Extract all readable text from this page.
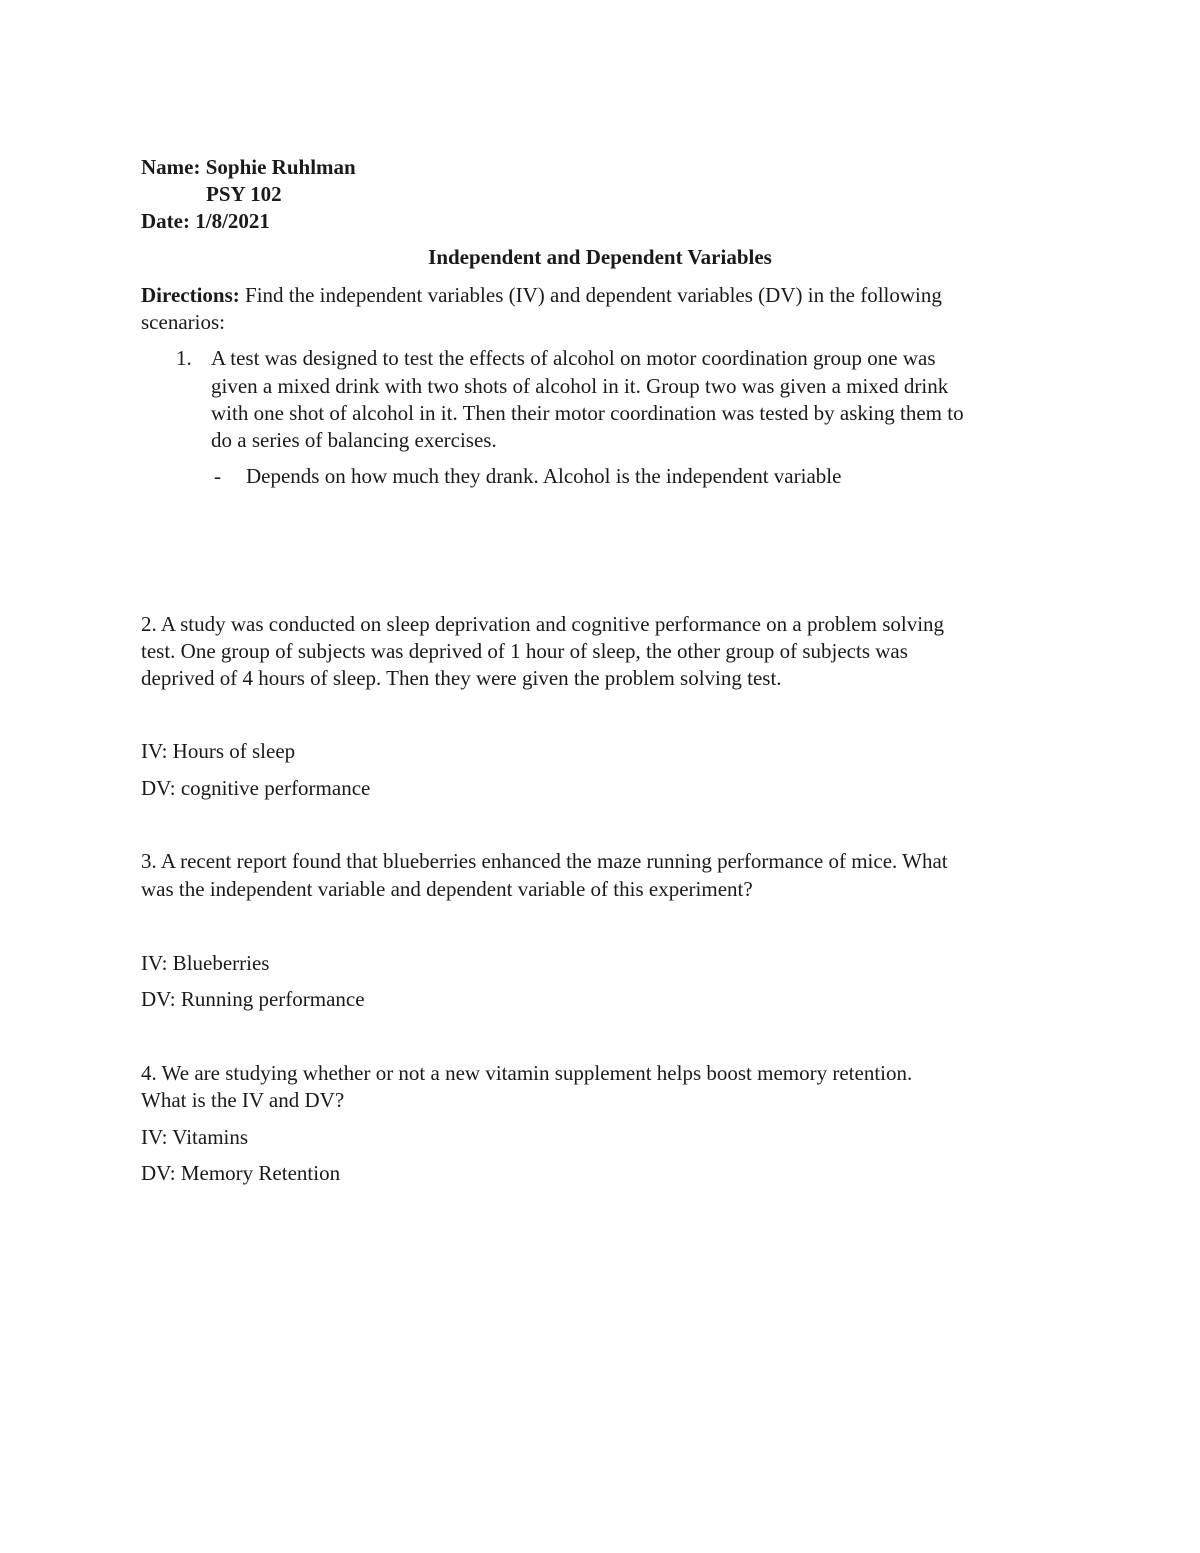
Name: Sophie Ruhlman
PSY 102
Date: 1/8/2021
Independent and Dependent Variables
Directions: Find the independent variables (IV) and dependent variables (DV) in the following
scenarios:
1. A test was designed to test the effects of alcohol on motor coordination group one was
given a mixed drink with two shots of alcohol in it. Group two was given a mixed drink
with one shot of alcohol in it. Then their motor coordination was tested by asking them to
do a series of balancing exercises.
- Depends on how much they drank. Alcohol is the independent variable
2. A study was conducted on sleep deprivation and cognitive performance on a problem solving
test. One group of subjects was deprived of 1 hour of sleep, the other group of subjects was
deprived of 4 hours of sleep. Then they were given the problem solving test.
IV: Hours of sleep
DV: cognitive performance
3. A recent report found that blueberries enhanced the maze running performance of mice. What
was the independent variable and dependent variable of this experiment?
IV: Blueberries
DV: Running performance
4. We are studying whether or not a new vitamin supplement helps boost memory retention.
What is the IV and DV?
IV: Vitamins
DV: Memory Retention
